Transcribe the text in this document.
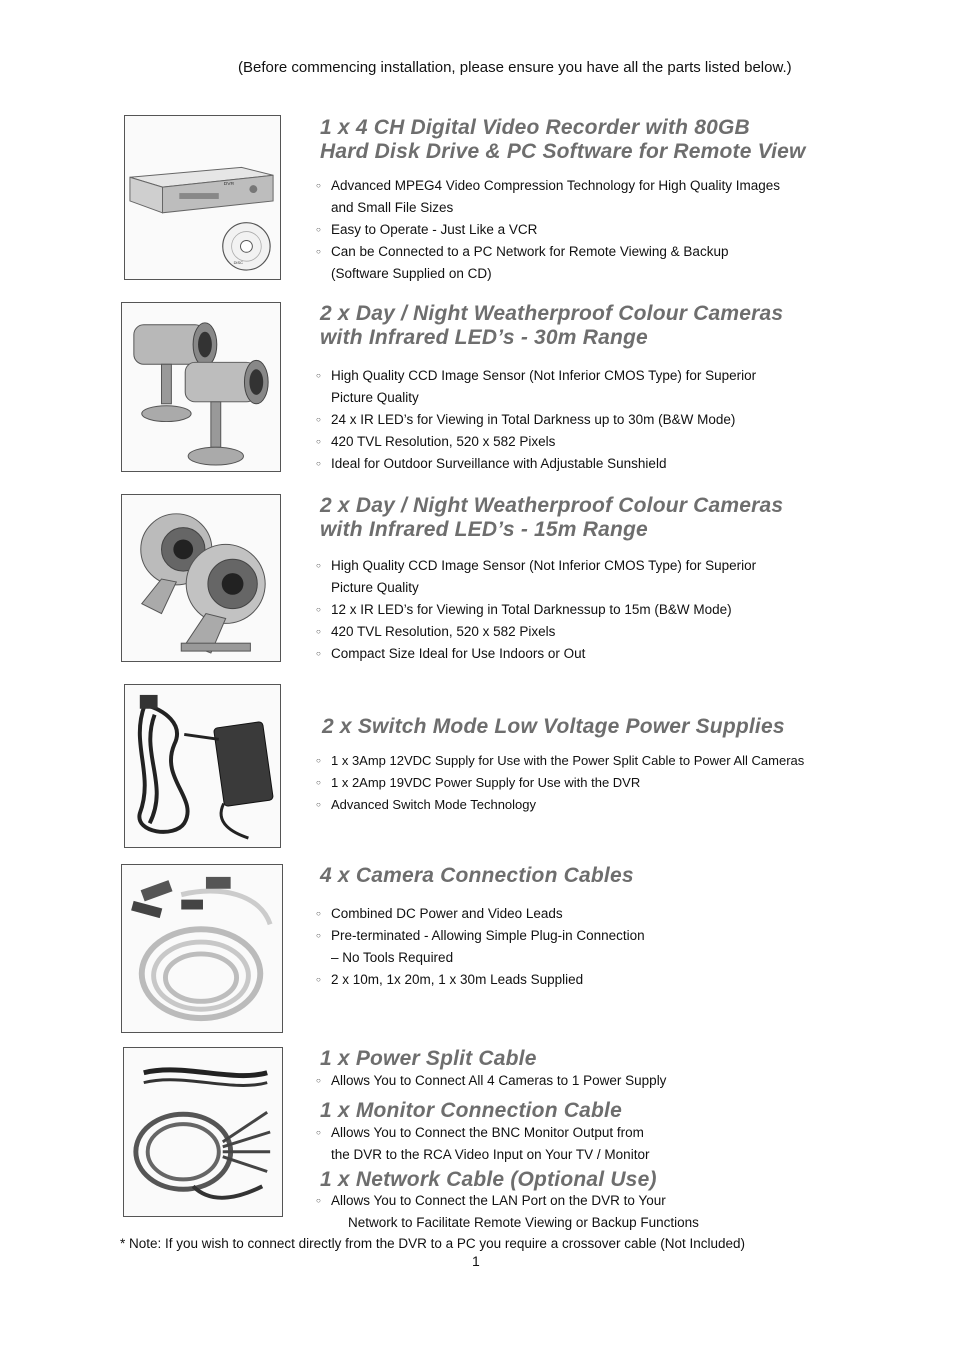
(Before commencing installation, please ensure you have all the parts listed below.)
DVR
DISC
1 x 4 CH Digital Video Recorder with 80GB
Hard Disk Drive & PC Software for Remote View
○ Advanced MPEG4 Video Compression Technology for High Quality Images
and Small File Sizes
○ Easy to Operate - Just Like a VCR
○ Can be Connected to a PC Network for Remote Viewing & Backup
(Software Supplied on CD)
2 x Day / Night Weatherproof Colour Cameras
with Infrared LED’s - 30m Range
○ High Quality CCD Image Sensor (Not Inferior CMOS Type) for Superior
Picture Quality
○ 24 x IR LED’s for Viewing in Total Darkness up to 30m (B&W Mode)
○ 420 TVL Resolution, 520 x 582 Pixels
○ Ideal for Outdoor Surveillance with Adjustable Sunshield
2 x Day / Night Weatherproof Colour Cameras
with Infrared LED’s - 15m Range
○ High Quality CCD Image Sensor (Not Inferior CMOS Type) for Superior
Picture Quality
○ 12 x IR LED’s for Viewing in Total Darknessup to 15m (B&W Mode)
○ 420 TVL Resolution, 520 x 582 Pixels
○ Compact Size Ideal for Use Indoors or Out
2 x Switch Mode Low Voltage Power Supplies
○ 1 x 3Amp 12VDC Supply for Use with the Power Split Cable to Power All Cameras
○ 1 x 2Amp 19VDC Power Supply for Use with the DVR
○ Advanced Switch Mode Technology
4 x Camera Connection Cables
○ Combined DC Power and Video Leads
○ Pre-terminated - Allowing Simple Plug-in Connection
– No Tools Required
○ 2 x 10m, 1x 20m, 1 x 30m Leads Supplied
1 x Power Split Cable
○ Allows You to Connect All 4 Cameras to 1 Power Supply
1 x Monitor Connection Cable
○ Allows You to Connect the BNC Monitor Output from
the DVR to the RCA Video Input on Your TV / Monitor
1 x Network Cable (Optional Use)
○ Allows You to Connect the LAN Port on the DVR to Your
Network to Facilitate Remote Viewing or Backup Functions
* Note: If you wish to connect directly from the DVR to a PC you require a crossover cable (Not Included)
1
